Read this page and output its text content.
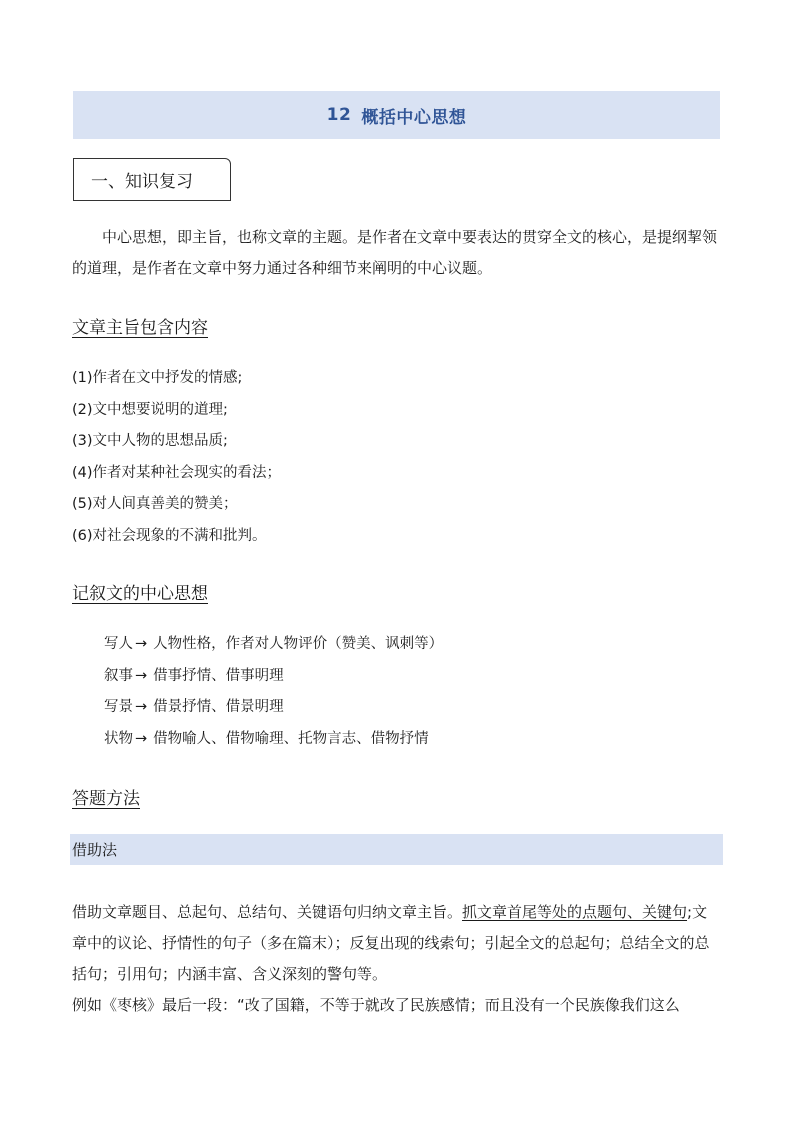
12 概括中心思想
一、知识复习
中心思想，即主旨，也称文章的主题。是作者在文章中要表达的贯穿全文的核心，是提纲挈领的道理，是作者在文章中努力通过各种细节来阐明的中心议题。
文章主旨包含内容
(1)作者在文中抒发的情感;
(2)文中想要说明的道理;
(3)文中人物的思想品质;
(4)作者对某种社会现实的看法；
(5)对人间真善美的赞美；
(6)对社会现象的不满和批判。
记叙文的中心思想
写人 → 人物性格，作者对人物评价（赞美、讽刺等）
叙事 → 借事抒情、借事明理
写景 → 借景抒情、借景明理
状物 → 借物喻人、借物喻理、托物言志、借物抒情
答题方法
借助法
借助文章题目、总起句、总结句、关键语句归纳文章主旨。抓文章首尾等处的点题句、关键句;文章中的议论、抒情性的句子（多在篇末）；反复出现的线索句；引起全文的总起句；总结全文的总括句；引用句；内涵丰富、含义深刻的警句等。
例如《枣核》最后一段：“改了国籍，不等于就改了民族感情；而且没有一个民族像我们这么
